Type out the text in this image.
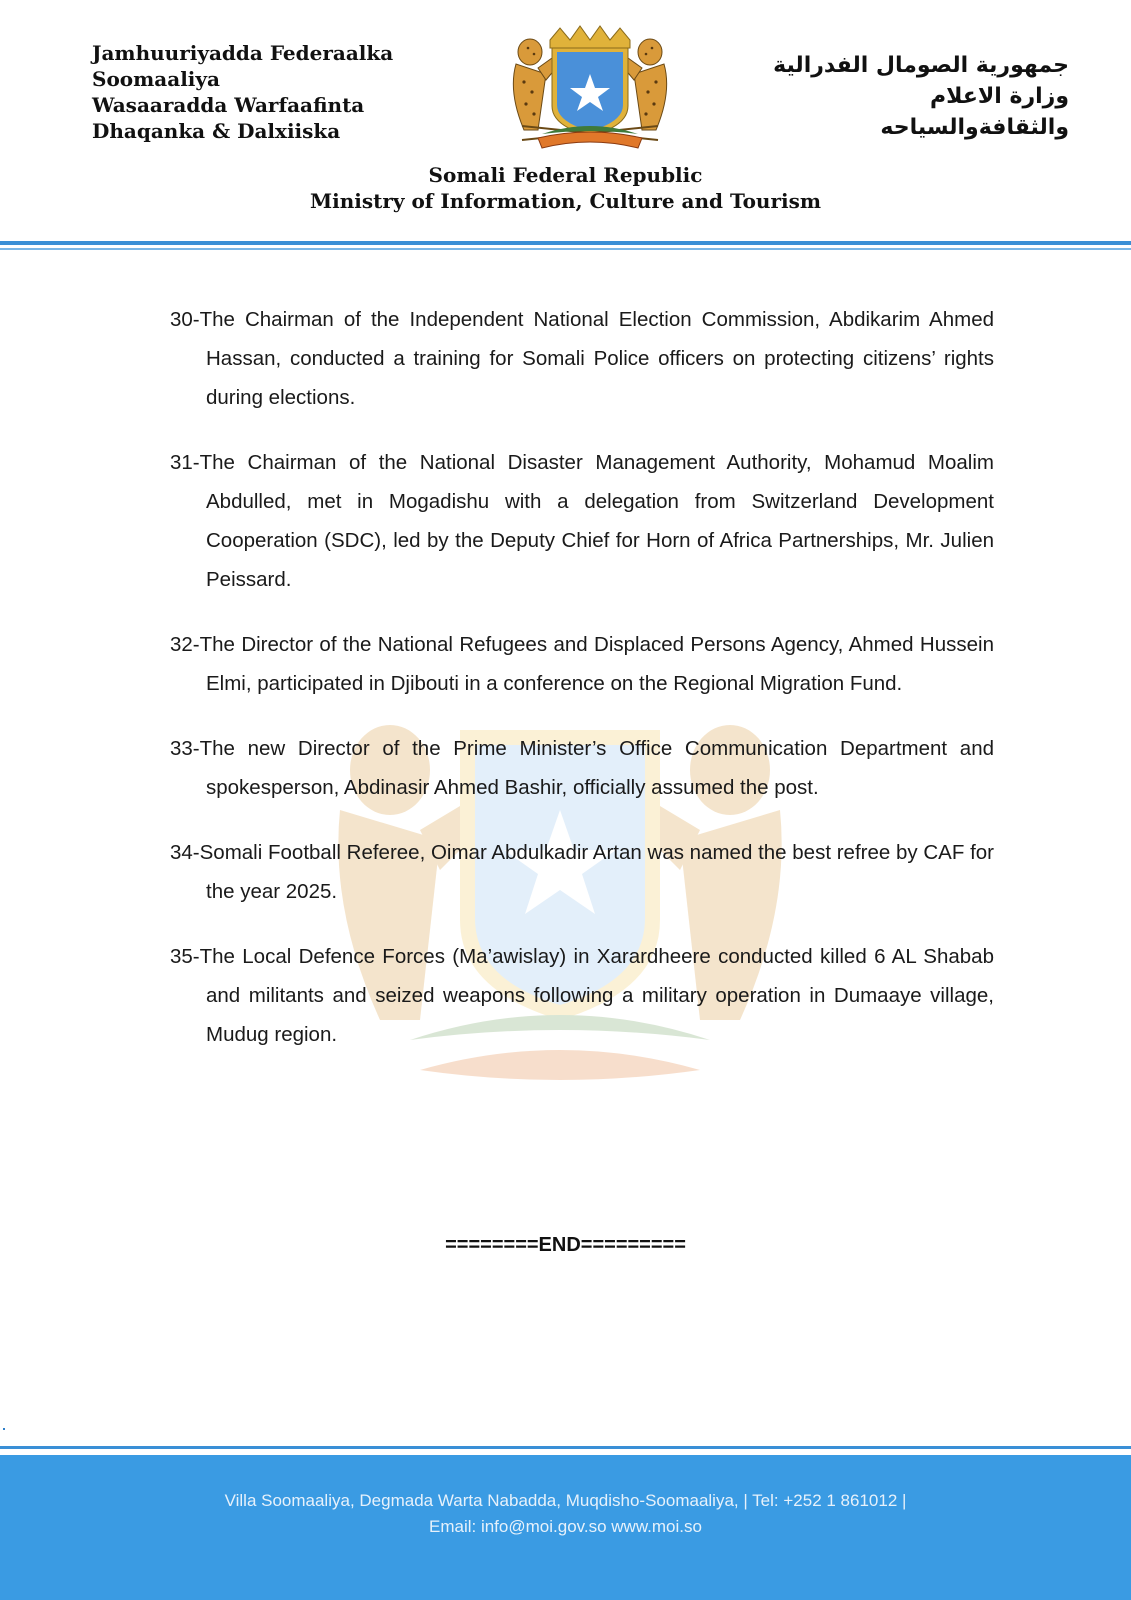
Jamhuuriyadda Federaalka
Soomaaliya
Wasaaradda Warfaafinta
Dhaqanka & Dalxiiska
جمهورية الصومال الفدرالية
وزارة الاعلام
والثقافةوالسياحه
Somali Federal Republic
Ministry of Information, Culture and Tourism

30-The Chairman of the Independent National Election Commission, Abdikarim Ahmed Hassan, conducted a training for Somali Police officers on protecting citizens’ rights during elections.

31-The Chairman of the National Disaster Management Authority, Mohamud Moalim Abdulled, met in Mogadishu with a delegation from Switzerland Development Cooperation (SDC), led by the Deputy Chief for Horn of Africa Partnerships, Mr. Julien Peissard.

32-The Director of the National Refugees and Displaced Persons Agency, Ahmed Hussein Elmi, participated in Djibouti in a conference on the Regional Migration Fund.

33-The new Director of the Prime Minister’s Office Communication Department and spokesperson, Abdinasir Ahmed Bashir, officially assumed the post.

34-Somali Football Referee, Oimar Abdulkadir Artan was named the best refree by CAF for the year 2025.

35-The Local Defence Forces (Ma’awislay) in Xarardheere conducted killed 6 AL Shabab and militants and seized weapons following a military operation in Dumaaye village, Mudug region.

========END=========
Villa Soomaaliya, Degmada Warta Nabadda, Muqdisho-Soomaaliya, | Tel: +252 1 861012 |
Email: info@moi.gov.so www.moi.so
